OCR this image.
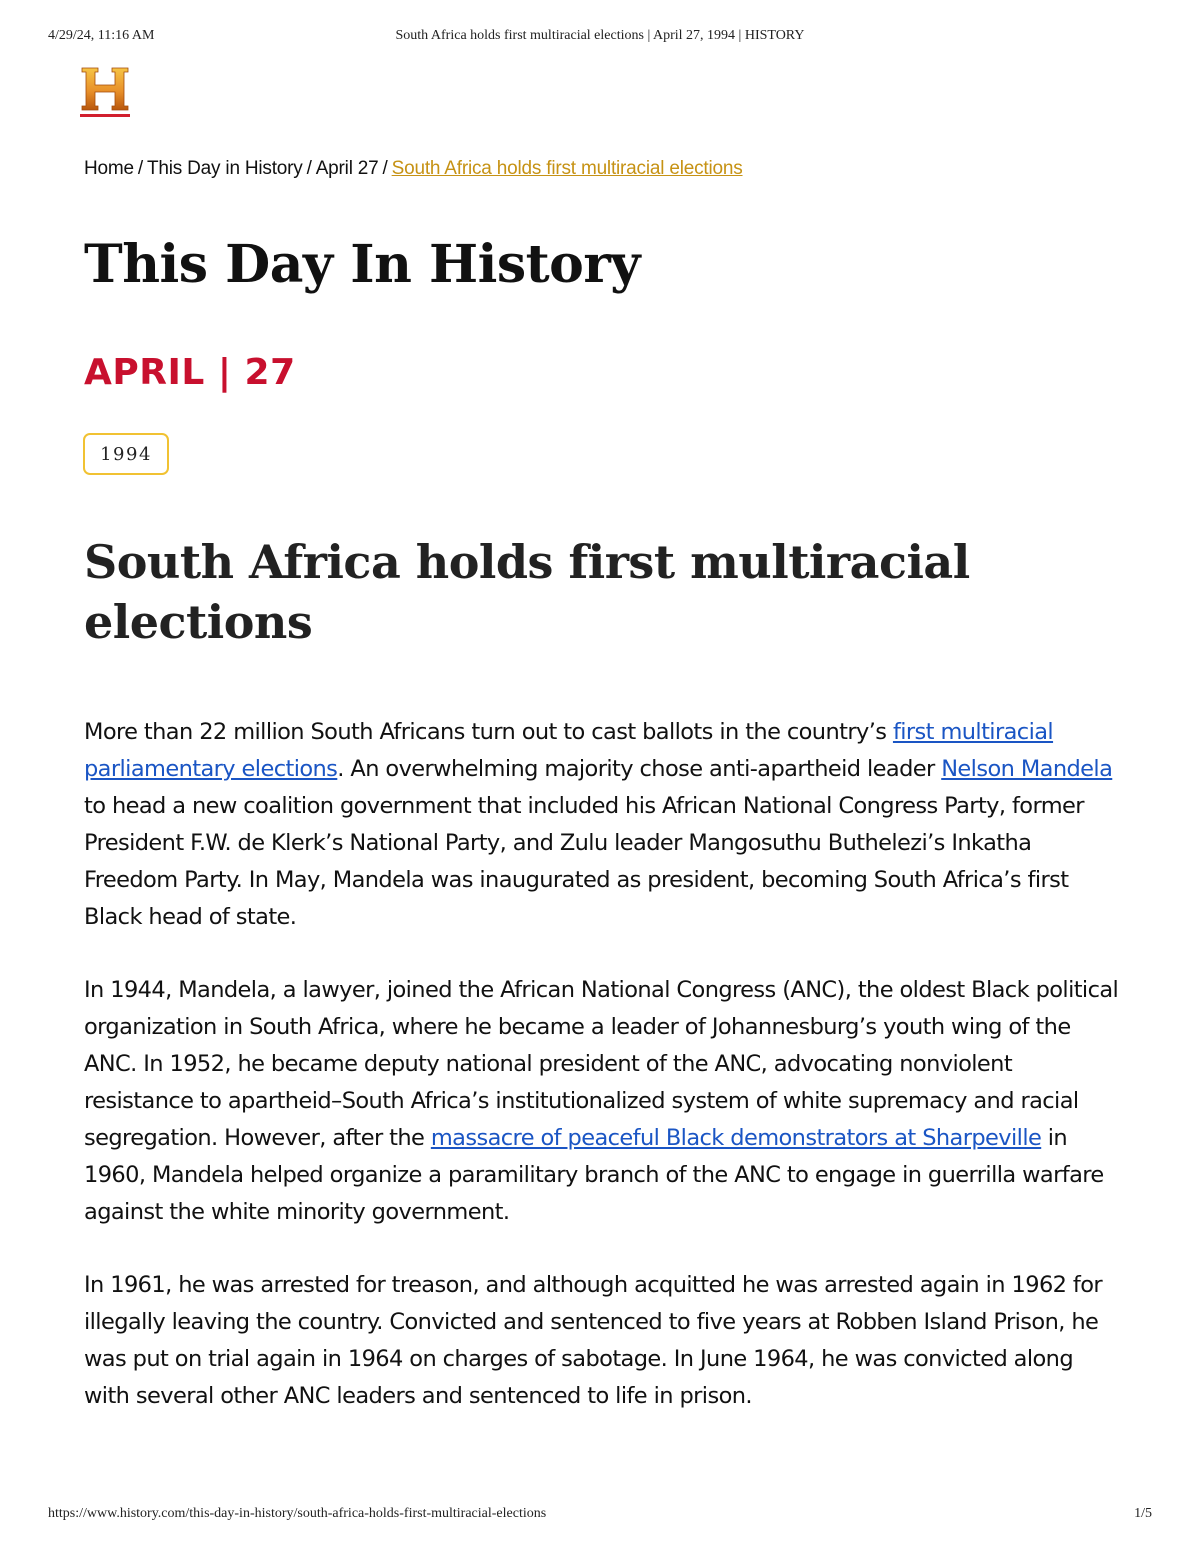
4/29/24, 11:16 AM	South Africa holds first multiracial elections | April 27, 1994 | HISTORY
Home / This Day in History / April 27 / South Africa holds first multiracial elections
This Day In History
APRIL | 27
1994
South Africa holds first multiracial elections

More than 22 million South Africans turn out to cast ballots in the country’s first multiracial parliamentary elections. An overwhelming majority chose anti-apartheid leader Nelson Mandela to head a new coalition government that included his African National Congress Party, former President F.W. de Klerk’s National Party, and Zulu leader Mangosuthu Buthelezi’s Inkatha Freedom Party. In May, Mandela was inaugurated as president, becoming South Africa’s first Black head of state.

In 1944, Mandela, a lawyer, joined the African National Congress (ANC), the oldest Black political organization in South Africa, where he became a leader of Johannesburg’s youth wing of the ANC. In 1952, he became deputy national president of the ANC, advocating nonviolent resistance to apartheid–South Africa’s institutionalized system of white supremacy and racial segregation. However, after the massacre of peaceful Black demonstrators at Sharpeville in 1960, Mandela helped organize a paramilitary branch of the ANC to engage in guerrilla warfare against the white minority government.

In 1961, he was arrested for treason, and although acquitted he was arrested again in 1962 for illegally leaving the country. Convicted and sentenced to five years at Robben Island Prison, he was put on trial again in 1964 on charges of sabotage. In June 1964, he was convicted along with several other ANC leaders and sentenced to life in prison.

https://www.history.com/this-day-in-history/south-africa-holds-first-multiracial-elections	1/5
